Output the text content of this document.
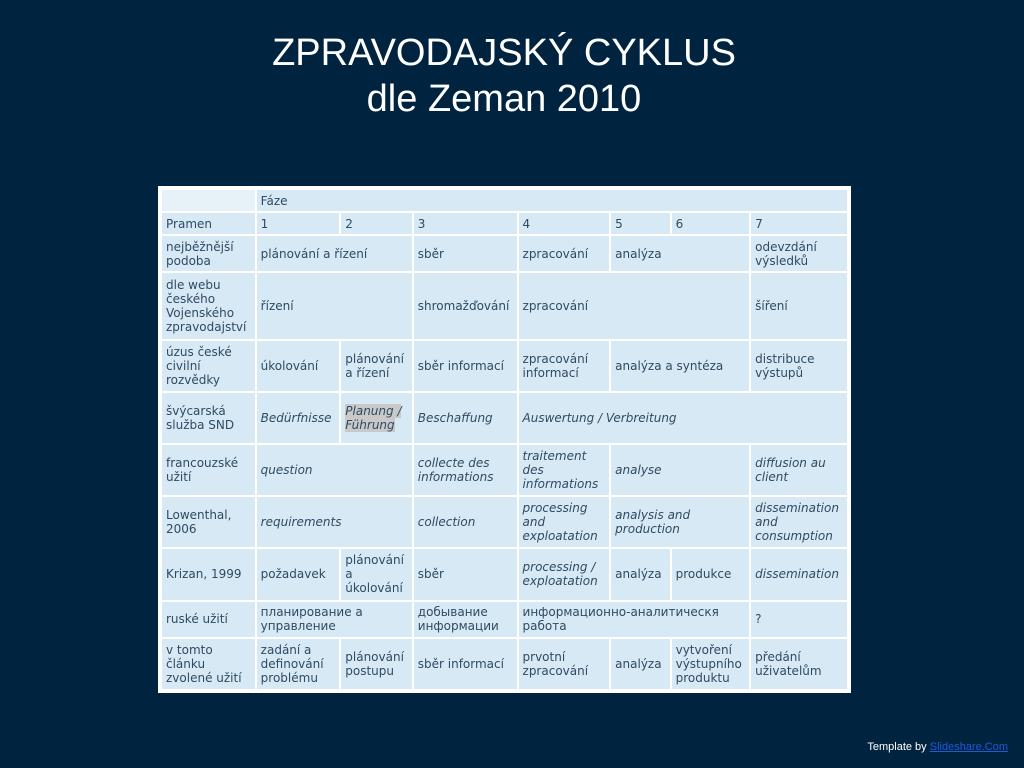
ZPRAVODAJSKÝ CYKLUS
dle Zeman 2010
	Fáze						
Pramen	1	2	3	4	5	6	7
nejběžnější podoba	plánování a řízení		sběr	zpracování	analýza		odevzdání výsledků
dle webu českého Vojenského zpravodajství	řízení		shromažďování	zpracování			šíření
úzus české civilní rozvědky	úkolování	plánování a řízení	sběr informací	zpracování informací	analýza a syntéza		distribuce výstupů
švýcarská služba SND	Bedürfnisse	Planung / Führung	Beschaffung	Auswertung / Verbreitung			
francouzské užití	question		collecte des informations	traitement des informations	analyse		diffusion au client
Lowenthal, 2006	requirements		collection	processing and exploatation	analysis and production		dissemination and consumption
Krizan, 1999	požadavek	plánování a úkolování	sběr	processing / exploatation	analýza	produkce	dissemination
ruské užití	планирование а управление		добывание информации	информационно-аналитическя работа			?
v tomto článku zvolené užití	zadání a definování problému	plánování postupu	sběr informací	prvotní zpracování	analýza	vytvoření výstupního produktu	předání uživatelům
Template by Slideshare.Com
